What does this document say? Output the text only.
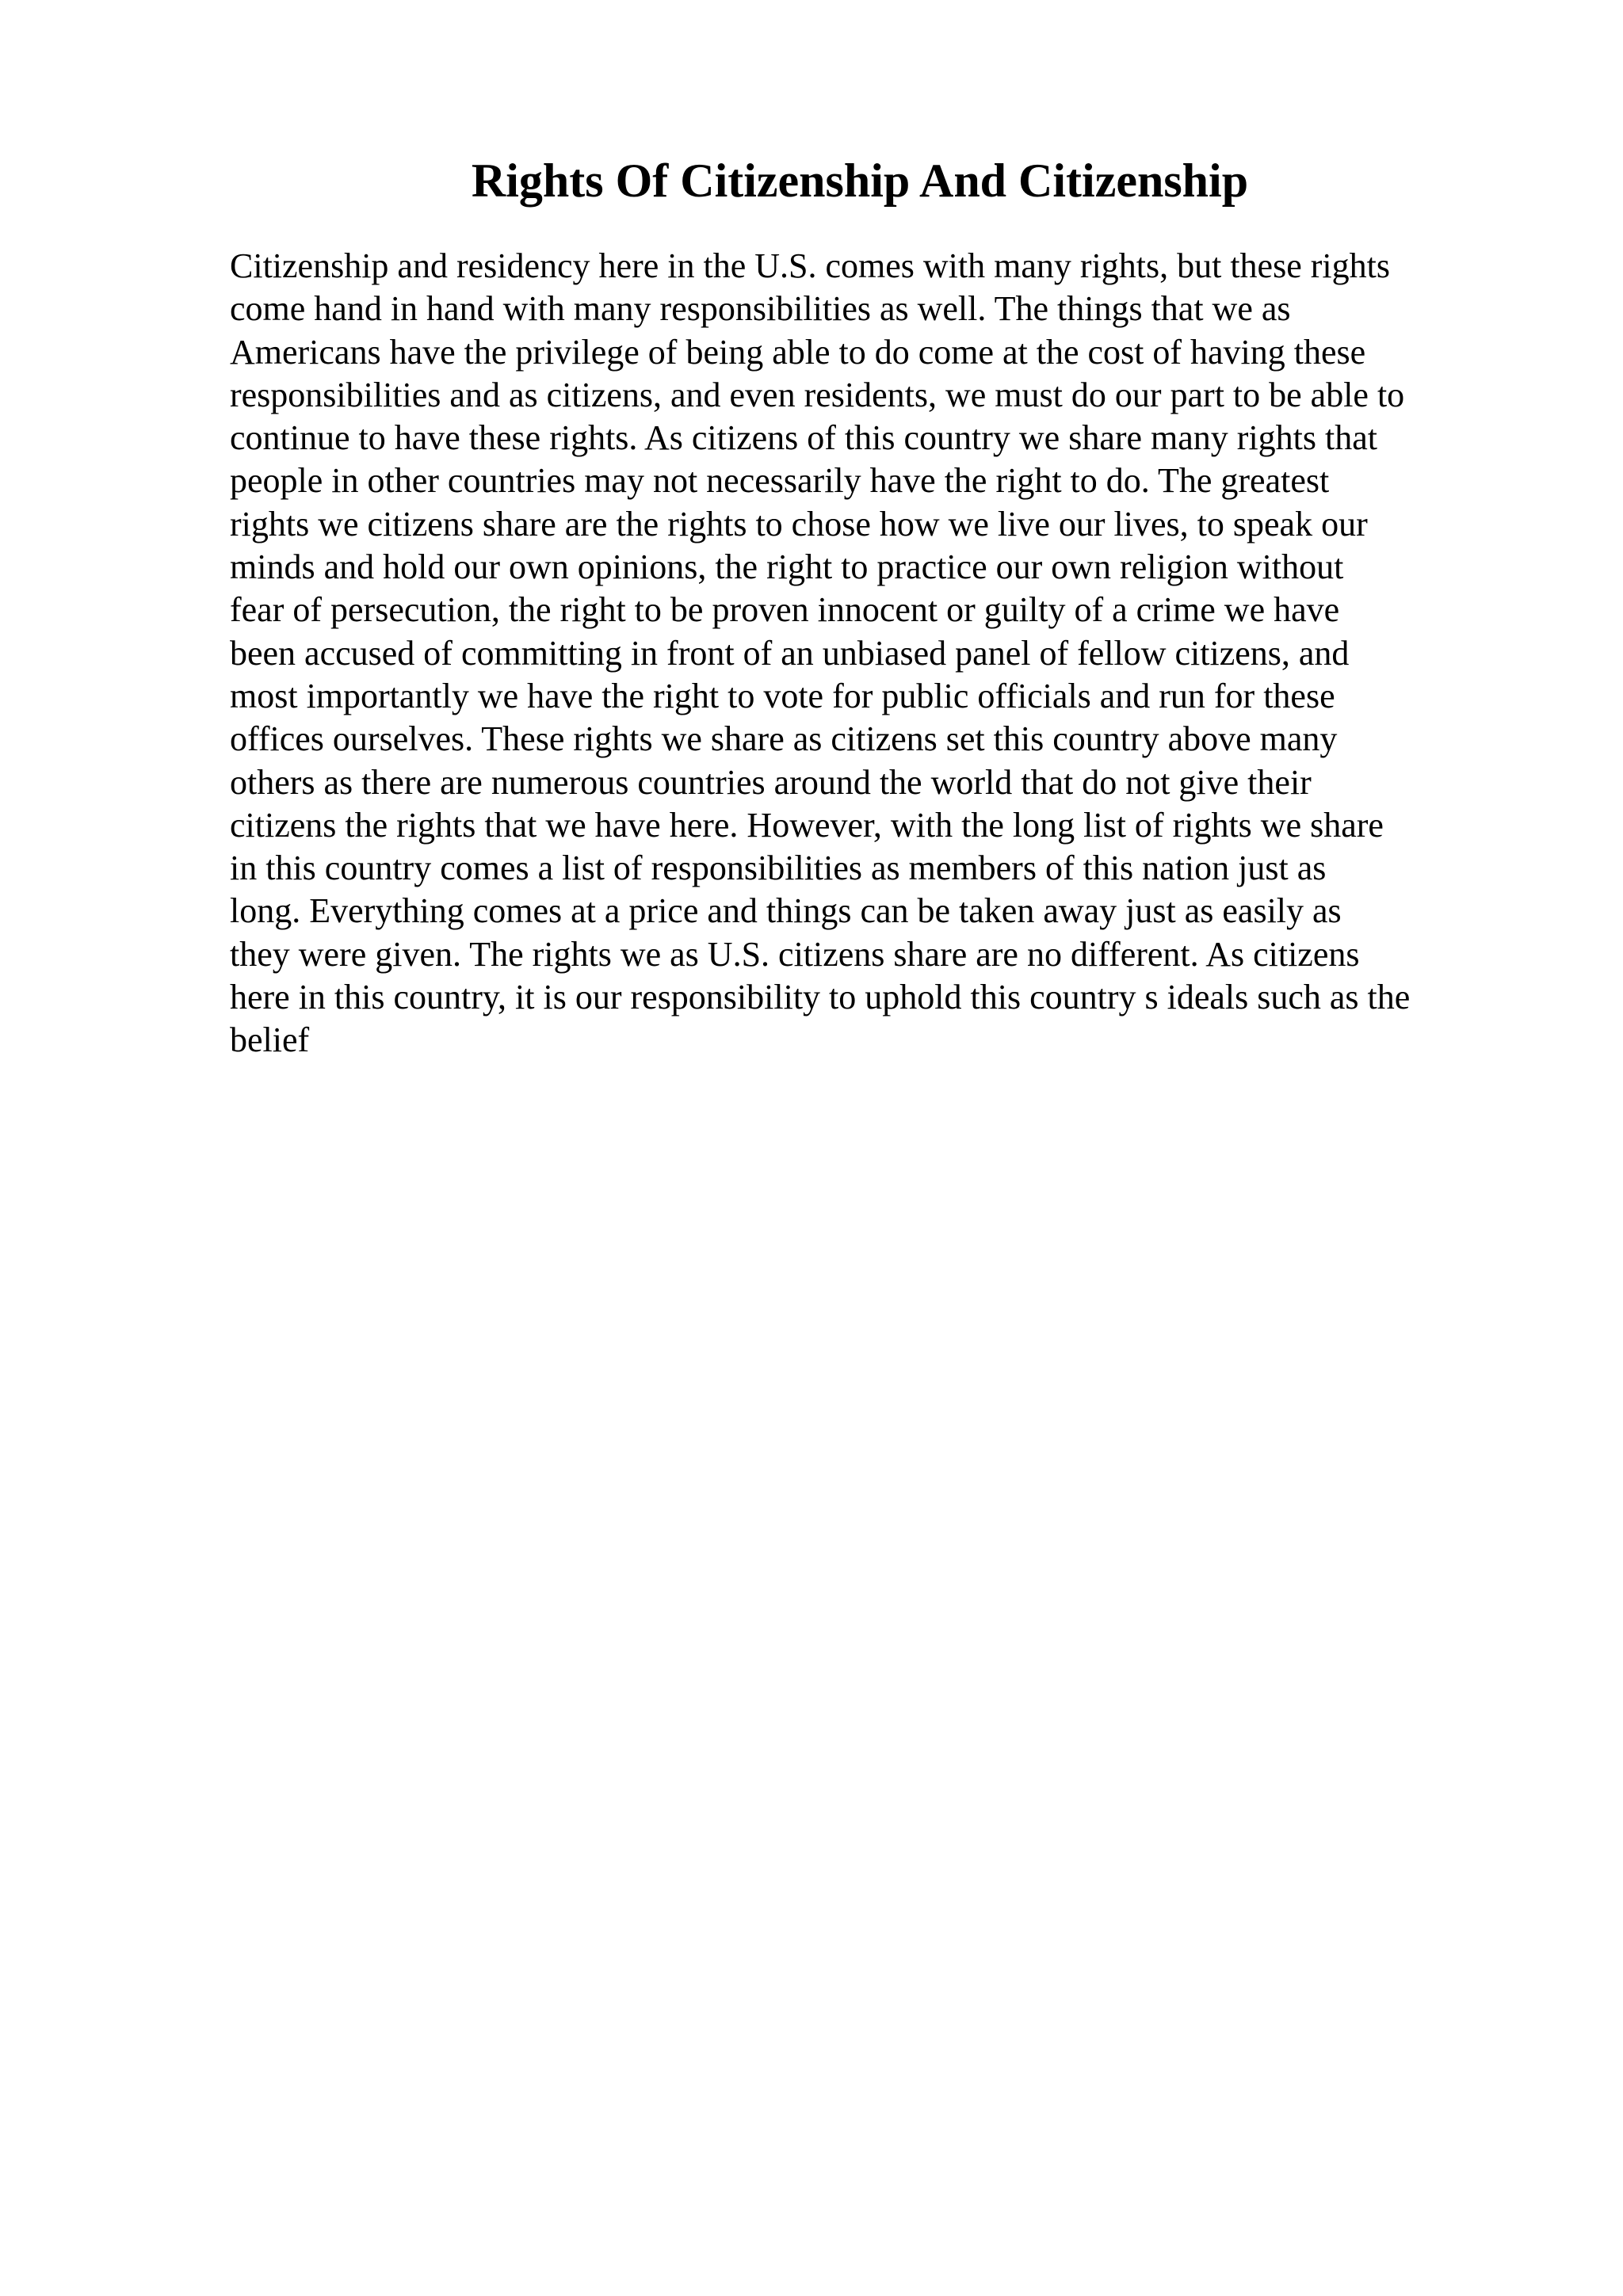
Rights Of Citizenship And Citizenship
Citizenship and residency here in the U.S. comes with many rights, but these rights
come hand in hand with many responsibilities as well. The things that we as
Americans have the privilege of being able to do come at the cost of having these
responsibilities and as citizens, and even residents, we must do our part to be able to
continue to have these rights. As citizens of this country we share many rights that
people in other countries may not necessarily have the right to do. The greatest
rights we citizens share are the rights to chose how we live our lives, to speak our
minds and hold our own opinions, the right to practice our own religion without
fear of persecution, the right to be proven innocent or guilty of a crime we have
been accused of committing in front of an unbiased panel of fellow citizens, and
most importantly we have the right to vote for public officials and run for these
offices ourselves. These rights we share as citizens set this country above many
others as there are numerous countries around the world that do not give their
citizens the rights that we have here. However, with the long list of rights we share
in this country comes a list of responsibilities as members of this nation just as
long. Everything comes at a price and things can be taken away just as easily as
they were given. The rights we as U.S. citizens share are no different. As citizens
here in this country, it is our responsibility to uphold this country s ideals such as the
belief
